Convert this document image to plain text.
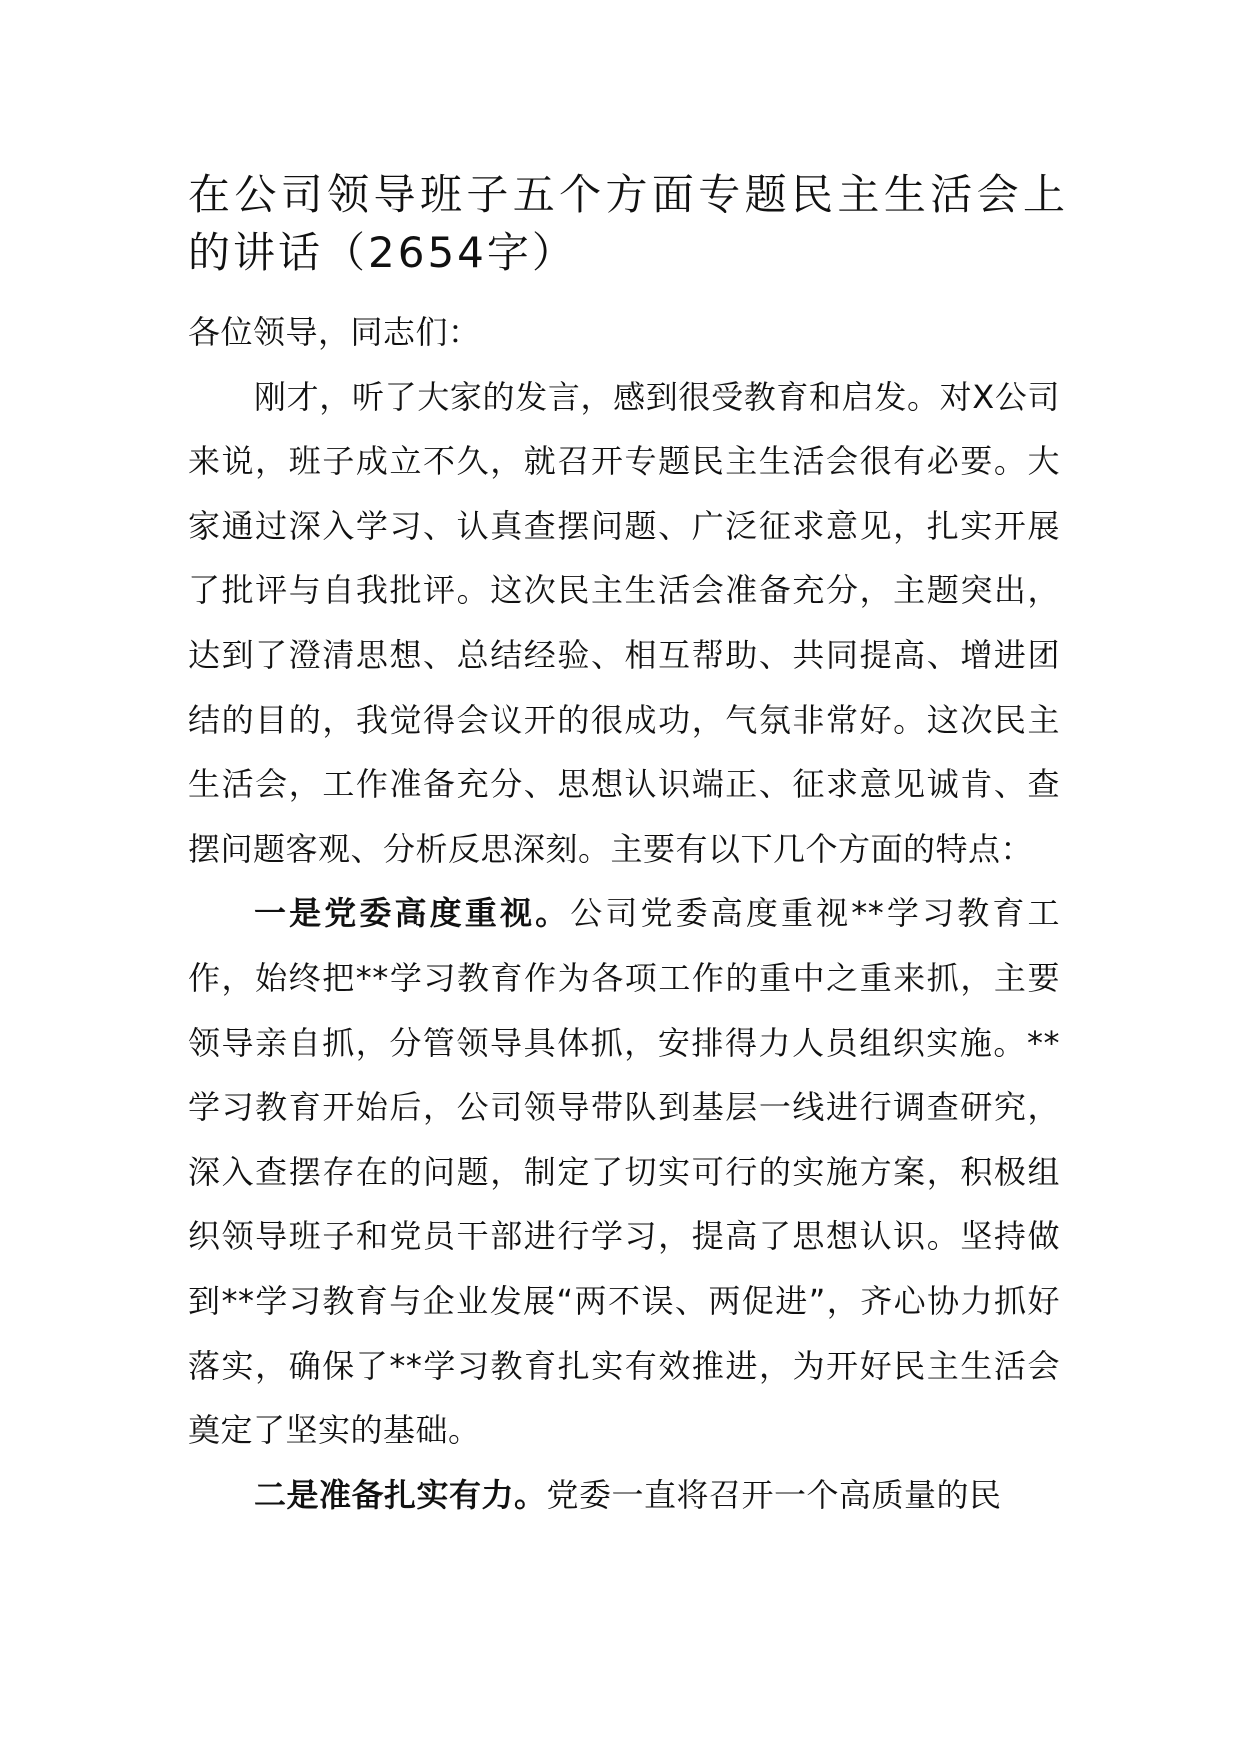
在公司领导班子五个方面专题民主生活会上的讲话（2654字）

各位领导，同志们：

刚才，听了大家的发言，感到很受教育和启发。对X公司来说，班子成立不久，就召开专题民主生活会很有必要。大家通过深入学习、认真查摆问题、广泛征求意见，扎实开展了批评与自我批评。这次民主生活会准备充分，主题突出，达到了澄清思想、总结经验、相互帮助、共同提高、增进团结的目的，我觉得会议开的很成功，气氛非常好。这次民主生活会，工作准备充分、思想认识端正、征求意见诚肯、查摆问题客观、分析反思深刻。主要有以下几个方面的特点：

一是党委高度重视。公司党委高度重视**学习教育工作，始终把**学习教育作为各项工作的重中之重来抓，主要领导亲自抓，分管领导具体抓，安排得力人员组织实施。**学习教育开始后，公司领导带队到基层一线进行调查研究，深入查摆存在的问题，制定了切实可行的实施方案，积极组织领导班子和党员干部进行学习，提高了思想认识。坚持做到**学习教育与企业发展“两不误、两促进”，齐心协力抓好落实，确保了**学习教育扎实有效推进，为开好民主生活会奠定了坚实的基础。

二是准备扎实有力。党委一直将召开一个高质量的民
